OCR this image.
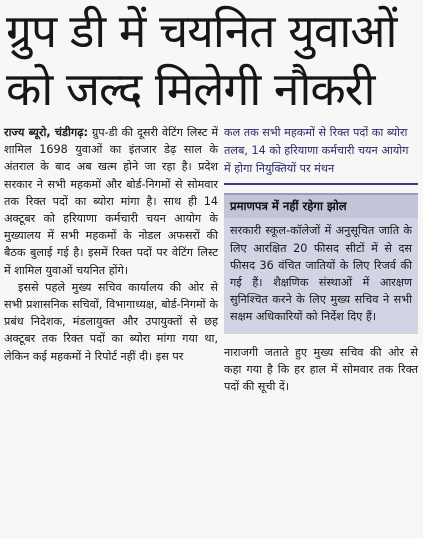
ग्रुप डी में चयनित युवाओं
को जल्द मिलेगी नौकरी

राज्य ब्यूरो, चंडीगढ़: ग्रुप-डी की दूसरी वेटिंग लिस्ट में शामिल 1698 युवाओं का इंतजार डेढ़ साल के अंतराल के बाद अब खत्म होने जा रहा है। प्रदेश सरकार ने सभी महकमों और बोर्ड-निगमों से सोमवार तक रिक्त पदों का ब्योरा मांगा है। साथ ही 14 अक्टूबर को हरियाणा कर्मचारी चयन आयोग के मुख्यालय में सभी महकमों के नोडल अफसरों की बैठक बुलाई गई है। इसमें रिक्त पदों पर वेटिंग लिस्ट में शामिल युवाओं चयनित होंगे।

इससे पहले मुख्य सचिव कार्यालय की ओर से सभी प्रशासनिक सचिवों, विभागाध्यक्ष, बोर्ड-निगमों के प्रबंध निदेशक, मंडलायुक्त और उपायुक्तों से छह अक्टूबर तक रिक्त पदों का ब्योरा मांगा गया था, लेकिन कई महकमों ने रिपोर्ट नहीं दी। इस पर

कल तक सभी महकमों से रिक्त पदों का ब्योरा तलब, 14 को हरियाणा कर्मचारी चयन आयोग में होगा नियुक्तियों पर मंथन
प्रमाणपत्र में नहीं रहेगा झोल
सरकारी स्कूल-कॉलेजों में अनुसूचित जाति के लिए आरक्षित 20 फीसद सीटों में से दस फीसद 36 वंचित जातियों के लिए रिजर्व की गई हैं। शैक्षणिक संस्थाओं में आरक्षण सुनिश्चित करने के लिए मुख्य सचिव ने सभी सक्षम अधिकारियों को निर्देश दिए हैं।
नाराजगी जताते हुए मुख्य सचिव की ओर से कहा गया है कि हर हाल में सोमवार तक रिक्त पदों की सूची दें।
